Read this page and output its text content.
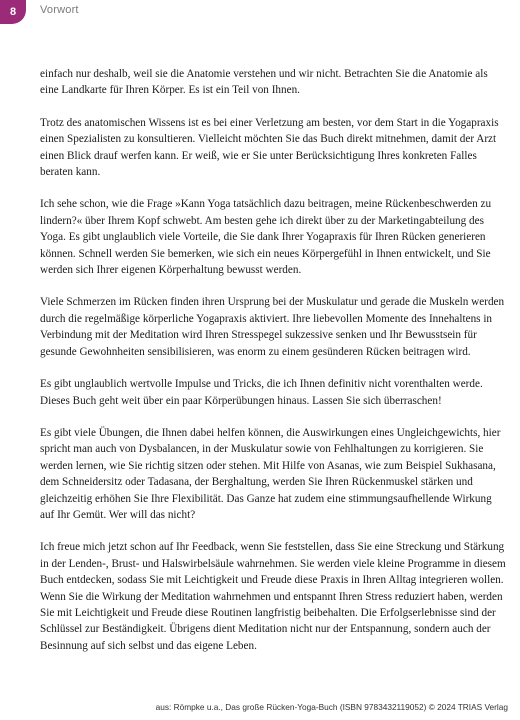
8 Vorwort

einfach nur deshalb, weil sie die Anatomie verstehen und wir nicht. Betrachten Sie die Anatomie als eine Landkarte für Ihren Körper. Es ist ein Teil von Ihnen.

Trotz des anatomischen Wissens ist es bei einer Verletzung am besten, vor dem Start in die Yogapraxis einen Spezialisten zu konsultieren. Vielleicht möchten Sie das Buch direkt mitnehmen, damit der Arzt einen Blick drauf werfen kann. Er weiß, wie er Sie unter Berücksichtigung Ihres konkreten Falles beraten kann.

Ich sehe schon, wie die Frage »Kann Yoga tatsächlich dazu beitragen, meine Rückenbeschwerden zu lindern?« über Ihrem Kopf schwebt. Am besten gehe ich direkt über zu der Marketingabteilung des Yoga. Es gibt unglaublich viele Vorteile, die Sie dank Ihrer Yogapraxis für Ihren Rücken generieren können. Schnell werden Sie bemerken, wie sich ein neues Körpergefühl in Ihnen entwickelt, und Sie werden sich Ihrer eigenen Körperhaltung bewusst werden.

Viele Schmerzen im Rücken finden ihren Ursprung bei der Muskulatur und gerade die Muskeln werden durch die regelmäßige körperliche Yogapraxis aktiviert. Ihre liebevollen Momente des Innehaltens in Verbindung mit der Meditation wird Ihren Stresspegel sukzessive senken und Ihr Bewusstsein für gesunde Gewohnheiten sensibilisieren, was enorm zu einem gesünderen Rücken beitragen wird.

Es gibt unglaublich wertvolle Impulse und Tricks, die ich Ihnen definitiv nicht vorenthalten werde. Dieses Buch geht weit über ein paar Körperübungen hinaus. Lassen Sie sich überraschen!

Es gibt viele Übungen, die Ihnen dabei helfen können, die Auswirkungen eines Ungleichgewichts, hier spricht man auch von Dysbalancen, in der Muskulatur sowie von Fehlhaltungen zu korrigieren. Sie werden lernen, wie Sie richtig sitzen oder stehen. Mit Hilfe von Asanas, wie zum Beispiel Sukhasana, dem Schneidersitz oder Tadasana, der Berghaltung, werden Sie Ihren Rückenmuskel stärken und gleichzeitig erhöhen Sie Ihre Flexibilität. Das Ganze hat zudem eine stimmungsaufhellende Wirkung auf Ihr Gemüt. Wer will das nicht?

Ich freue mich jetzt schon auf Ihr Feedback, wenn Sie feststellen, dass Sie eine Streckung und Stärkung in der Lenden-, Brust- und Halswirbelsäule wahrnehmen. Sie werden viele kleine Programme in diesem Buch entdecken, sodass Sie mit Leichtigkeit und Freude diese Praxis in Ihren Alltag integrieren wollen. Wenn Sie die Wirkung der Meditation wahrnehmen und entspannt Ihren Stress reduziert haben, werden Sie mit Leichtigkeit und Freude diese Routinen langfristig beibehalten. Die Erfolgserlebnisse sind der Schlüssel zur Beständigkeit. Übrigens dient Meditation nicht nur der Entspannung, sondern auch der Besinnung auf sich selbst und das eigene Leben.

aus: Römpke u.a., Das große Rücken-Yoga-Buch (ISBN 9783432119052) © 2024 TRIAS Verlag
